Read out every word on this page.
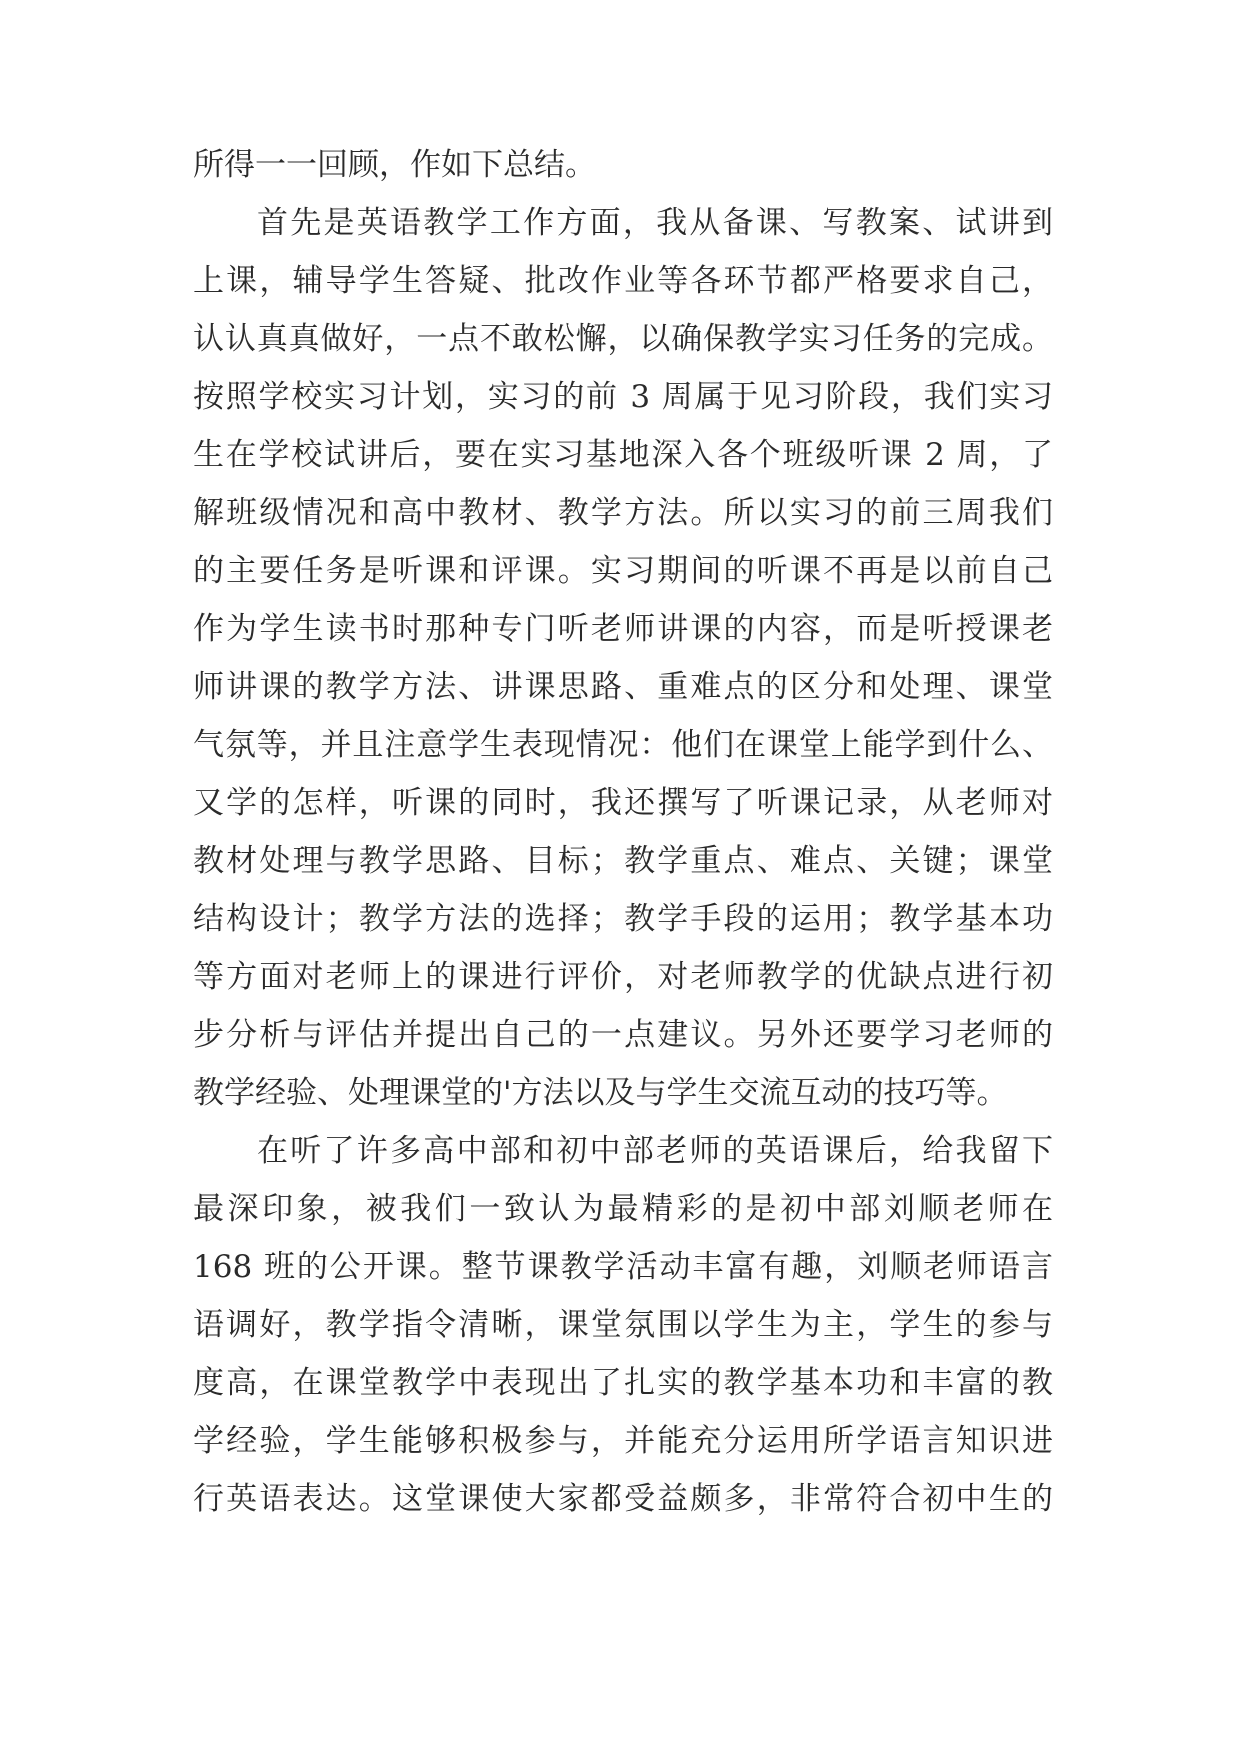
所得一一回顾，作如下总结。
首先是英语教学工作方面，我从备课、写教案、试讲到
上课，辅导学生答疑、批改作业等各环节都严格要求自己，
认认真真做好，一点不敢松懈，以确保教学实习任务的完成。
按照学校实习计划，实习的前 3 周属于见习阶段，我们实习
生在学校试讲后，要在实习基地深入各个班级听课 2 周，了
解班级情况和高中教材、教学方法。所以实习的前三周我们
的主要任务是听课和评课。实习期间的听课不再是以前自己
作为学生读书时那种专门听老师讲课的内容，而是听授课老
师讲课的教学方法、讲课思路、重难点的区分和处理、课堂
气氛等，并且注意学生表现情况：他们在课堂上能学到什么、
又学的怎样，听课的同时，我还撰写了听课记录，从老师对
教材处理与教学思路、目标；教学重点、难点、关键；课堂
结构设计；教学方法的选择；教学手段的运用；教学基本功
等方面对老师上的课进行评价，对老师教学的优缺点进行初
步分析与评估并提出自己的一点建议。另外还要学习老师的
教学经验、处理课堂的'方法以及与学生交流互动的技巧等。
在听了许多高中部和初中部老师的英语课后，给我留下
最深印象，被我们一致认为最精彩的是初中部刘顺老师在
168 班的公开课。整节课教学活动丰富有趣，刘顺老师语言
语调好，教学指令清晰，课堂氛围以学生为主，学生的参与
度高，在课堂教学中表现出了扎实的教学基本功和丰富的教
学经验，学生能够积极参与，并能充分运用所学语言知识进
行英语表达。这堂课使大家都受益颇多，非常符合初中生的
